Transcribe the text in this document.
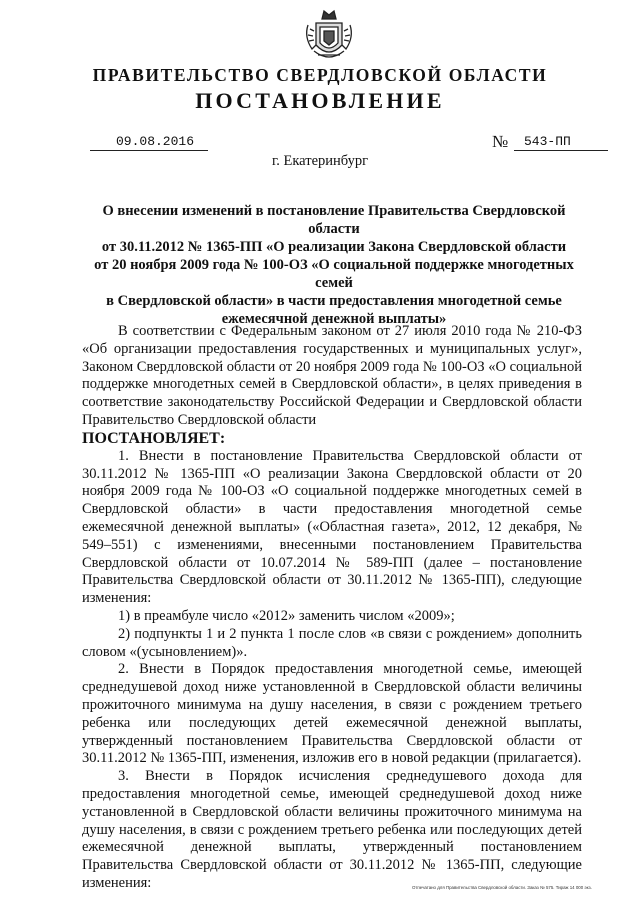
ПРАВИТЕЛЬСТВО СВЕРДЛОВСКОЙ ОБЛАСТИ
ПОСТАНОВЛЕНИЕ
09.08.2016	№	543-ПП
г. Екатеринбург
О внесении изменений в постановление Правительства Свердловской области
от 30.11.2012 № 1365-ПП «О реализации Закона Свердловской области
от 20 ноября 2009 года № 100-ОЗ «О социальной поддержке многодетных семей
в Свердловской области» в части предоставления многодетной семье
ежемесячной денежной выплаты»

В соответствии с Федеральным законом от 27 июля 2010 года № 210-ФЗ «Об организации предоставления государственных и муниципальных услуг», Законом Свердловской области от 20 ноября 2009 года № 100-ОЗ «О социальной поддержке многодетных семей в Свердловской области», в целях приведения в соответствие законодательству Российской Федерации и Свердловской области Правительство Свердловской области

ПОСТАНОВЛЯЕТ:

1. Внести в постановление Правительства Свердловской области от 30.11.2012 № 1365-ПП «О реализации Закона Свердловской области от 20 ноября 2009 года № 100-ОЗ «О социальной поддержке многодетных семей в Свердловской области» в части предоставления многодетной семье ежемесячной денежной выплаты» («Областная газета», 2012, 12 декабря, № 549–551) с изменениями, внесенными постановлением Правительства Свердловской области от 10.07.2014 № 589-ПП (далее – постановление Правительства Свердловской области от 30.11.2012 № 1365-ПП), следующие изменения:

1) в преамбуле число «2012» заменить числом «2009»;

2) подпункты 1 и 2 пункта 1 после слов «в связи с рождением» дополнить словом «(усыновлением)».

2. Внести в Порядок предоставления многодетной семье, имеющей среднедушевой доход ниже установленной в Свердловской области величины прожиточного минимума на душу населения, в связи с рождением третьего ребенка или последующих детей ежемесячной денежной выплаты, утвержденный постановлением Правительства Свердловской области от 30.11.2012 № 1365-ПП, изменения, изложив его в новой редакции (прилагается).

3. Внести в Порядок исчисления среднедушевого дохода для предоставления многодетной семье, имеющей среднедушевой доход ниже установленной в Свердловской области величины прожиточного минимума на душу населения, в связи с рождением третьего ребенка или последующих детей ежемесячной денежной выплаты, утвержденный постановлением Правительства Свердловской области от 30.11.2012 № 1365-ПП, следующие изменения:	Отпечатано для Правительства Свердловской области. Заказ № 575. Тираж 14 000 экз.
